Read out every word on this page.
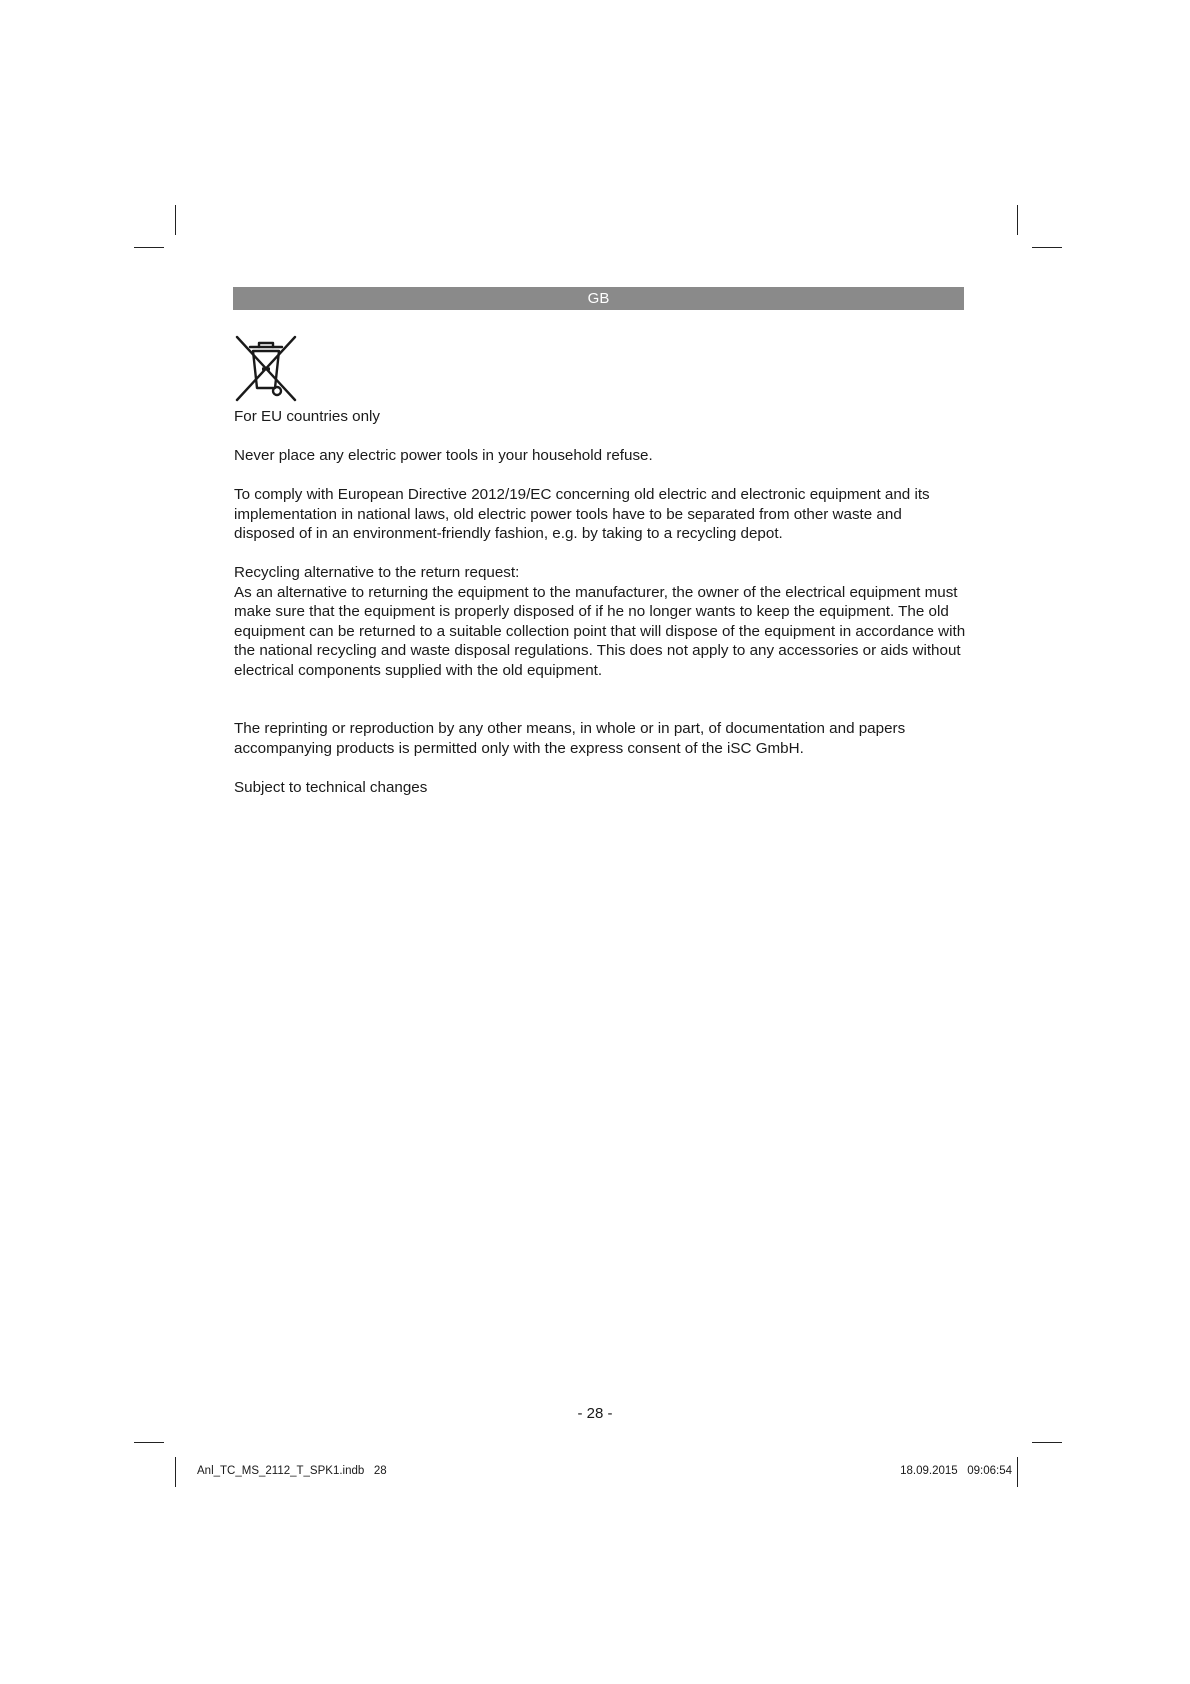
GB

For EU countries only

Never place any electric power tools in your household refuse.

To comply with European Directive 2012/19/EC concerning old electric and electronic equipment and its implementation in national laws, old electric power tools have to be separated from other waste and disposed of in an environment-friendly fashion, e.g. by taking to a recycling depot.

Recycling alternative to the return request:
As an alternative to returning the equipment to the manufacturer, the owner of the electrical equipment must make sure that the equipment is properly disposed of if he no longer wants to keep the equipment. The old equipment can be returned to a suitable collection point that will dispose of the equipment in accordance with the national recycling and waste disposal regulations. This does not apply to any accessories or aids without electrical components supplied with the old equipment.

The reprinting or reproduction by any other means, in whole or in part, of documentation and papers accompanying products is permitted only with the express consent of the iSC GmbH.

Subject to technical changes

- 28 -
Anl_TC_MS_2112_T_SPK1.indb   28	18.09.2015   09:06:54
